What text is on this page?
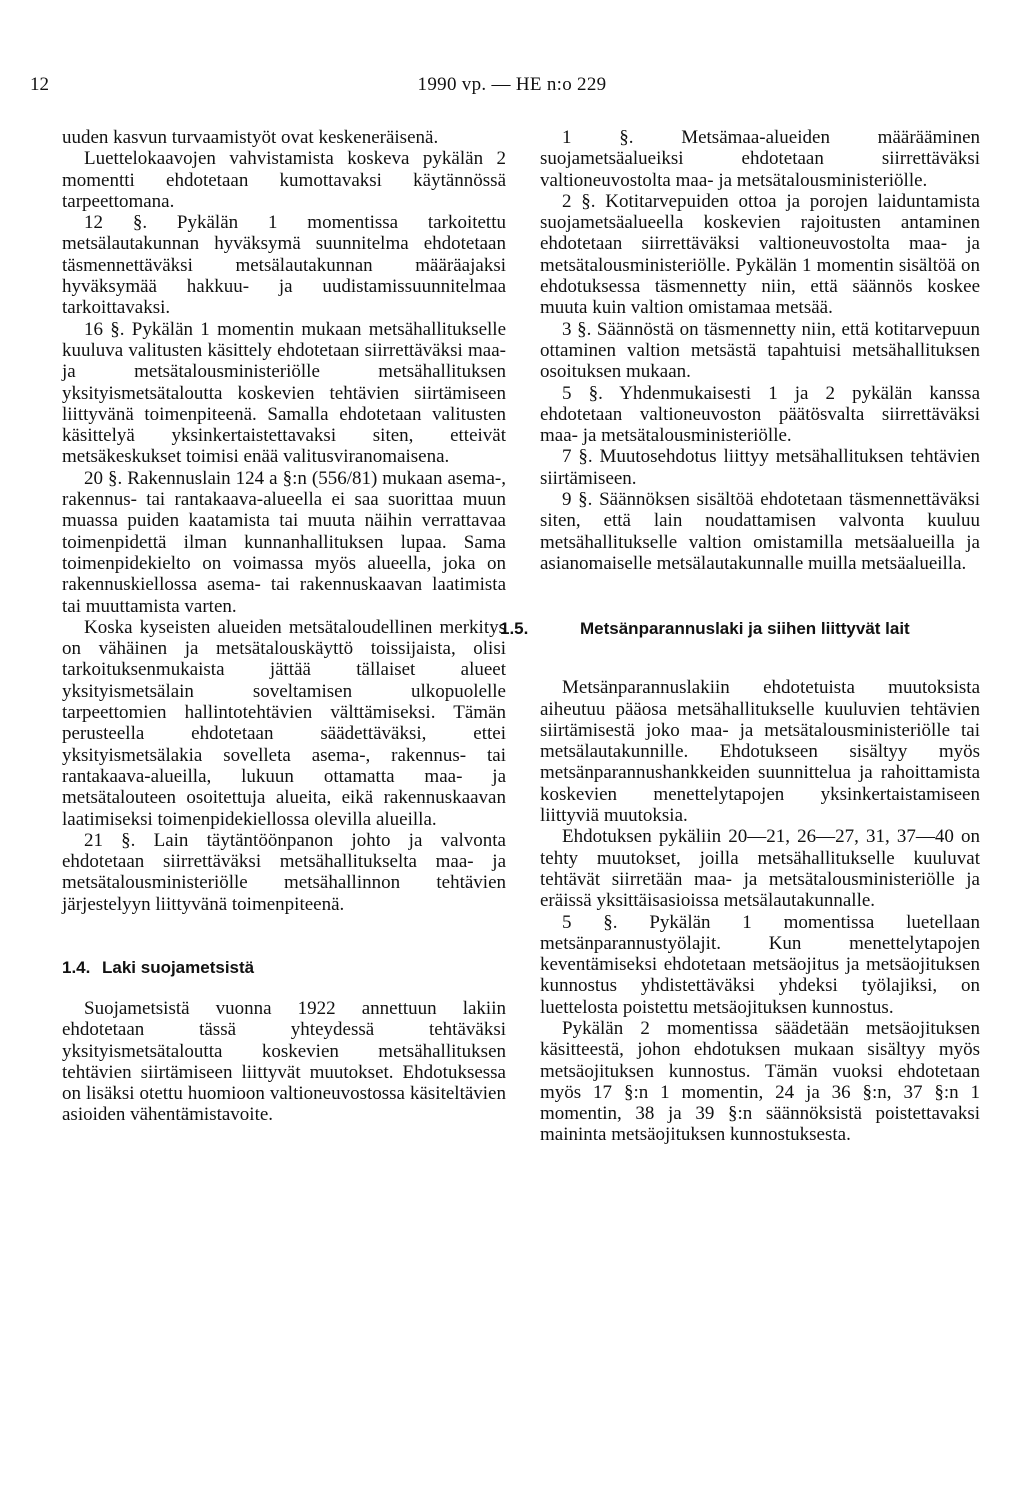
1990 vp. — HE n:o 229
12

uuden kasvun turvaamistyöt ovat keskeneräisenä.

Luettelokaavojen vahvistamista koskeva pykälän 2 momentti ehdotetaan kumottavaksi käytännössä tarpeettomana.

12 §. Pykälän 1 momentissa tarkoitettu metsälautakunnan hyväksymä suunnitelma ehdotetaan täsmennettäväksi metsälautakunnan määräajaksi hyväksymää hakkuu- ja uudistamissuunnitelmaa tarkoittavaksi.

16 §. Pykälän 1 momentin mukaan metsähallitukselle kuuluva valitusten käsittely ehdotetaan siirrettäväksi maa- ja metsätalousministeriölle metsähallituksen yksityismetsätaloutta koskevien tehtävien siirtämiseen liittyvänä toimenpiteenä. Samalla ehdotetaan valitusten käsittelyä yksinkertaistettavaksi siten, etteivät metsäkeskukset toimisi enää valitusviranomaisena.

20 §. Rakennuslain 124 a §:n (556/81) mukaan asema-, rakennus- tai rantakaava-alueella ei saa suorittaa muun muassa puiden kaatamista tai muuta näihin verrattavaa toimenpidettä ilman kunnanhallituksen lupaa. Sama toimenpidekielto on voimassa myös alueella, joka on rakennuskiellossa asema- tai rakennuskaavan laatimista tai muuttamista varten.

Koska kyseisten alueiden metsätaloudellinen merkitys on vähäinen ja metsätalouskäyttö toissijaista, olisi tarkoituksenmukaista jättää tällaiset alueet yksityismetsälain soveltamisen ulkopuolelle tarpeettomien hallintotehtävien välttämiseksi. Tämän perusteella ehdotetaan säädettäväksi, ettei yksityismetsälakia sovelleta asema-, rakennus- tai rantakaava-alueilla, lukuun ottamatta maa- ja metsätalouteen osoitettuja alueita, eikä rakennuskaavan laatimiseksi toimenpidekiellossa olevilla alueilla.

21 §. Lain täytäntöönpanon johto ja valvonta ehdotetaan siirrettäväksi metsähallitukselta maa- ja metsätalousministeriölle metsähallinnon tehtävien järjestelyyn liittyvänä toimenpiteenä.

1.4. Laki suojametsistä

Suojametsistä vuonna 1922 annettuun lakiin ehdotetaan tässä yhteydessä tehtäväksi yksityismetsätaloutta koskevien metsähallituksen tehtävien siirtämiseen liittyvät muutokset. Ehdotuksessa on lisäksi otettu huomioon valtioneuvostossa käsiteltävien asioiden vähentämistavoite.

1 §. Metsämaa-alueiden määrääminen suojametsäalueiksi ehdotetaan siirrettäväksi valtioneuvostolta maa- ja metsätalousministeriölle.

2 §. Kotitarvepuiden ottoa ja porojen laiduntamista suojametsäalueella koskevien rajoitusten antaminen ehdotetaan siirrettäväksi valtioneuvostolta maa- ja metsätalousministeriölle. Pykälän 1 momentin sisältöä on ehdotuksessa täsmennetty niin, että säännös koskee muuta kuin valtion omistamaa metsää.

3 §. Säännöstä on täsmennetty niin, että kotitarvepuun ottaminen valtion metsästä tapahtuisi metsähallituksen osoituksen mukaan.

5 §. Yhdenmukaisesti 1 ja 2 pykälän kanssa ehdotetaan valtioneuvoston päätösvalta siirrettäväksi maa- ja metsätalousministeriölle.

7 §. Muutosehdotus liittyy metsähallituksen tehtävien siirtämiseen.

9 §. Säännöksen sisältöä ehdotetaan täsmennettäväksi siten, että lain noudattamisen valvonta kuuluu metsähallitukselle valtion omistamilla metsäalueilla ja asianomaiselle metsälautakunnalle muilla metsäalueilla.

1.5.	Metsänparannuslaki ja siihen liittyvät lait

Metsänparannuslakiin ehdotetuista muutoksista aiheutuu pääosa metsähallitukselle kuuluvien tehtävien siirtämisestä joko maa- ja metsätalousministeriölle tai metsälautakunnille. Ehdotukseen sisältyy myös metsänparannushankkeiden suunnittelua ja rahoittamista koskevien menettelytapojen yksinkertaistamiseen liittyviä muutoksia.

Ehdotuksen pykäliin 20—21, 26—27, 31, 37—40 on tehty muutokset, joilla metsähallitukselle kuuluvat tehtävät siirretään maa- ja metsätalousministeriölle ja eräissä yksittäisasioissa metsälautakunnalle.

5 §. Pykälän 1 momentissa luetellaan metsänparannustyölajit. Kun menettelytapojen keventämiseksi ehdotetaan metsäojitus ja metsäojituksen kunnostus yhdistettäväksi yhdeksi työlajiksi, on luettelosta poistettu metsäojituksen kunnostus.

Pykälän 2 momentissa säädetään metsäojituksen käsitteestä, johon ehdotuksen mukaan sisältyy myös metsäojituksen kunnostus. Tämän vuoksi ehdotetaan myös 17 §:n 1 momentin, 24 ja 36 §:n, 37 §:n 1 momentin, 38 ja 39 §:n säännöksistä poistettavaksi maininta metsäojituksen kunnostuksesta.
